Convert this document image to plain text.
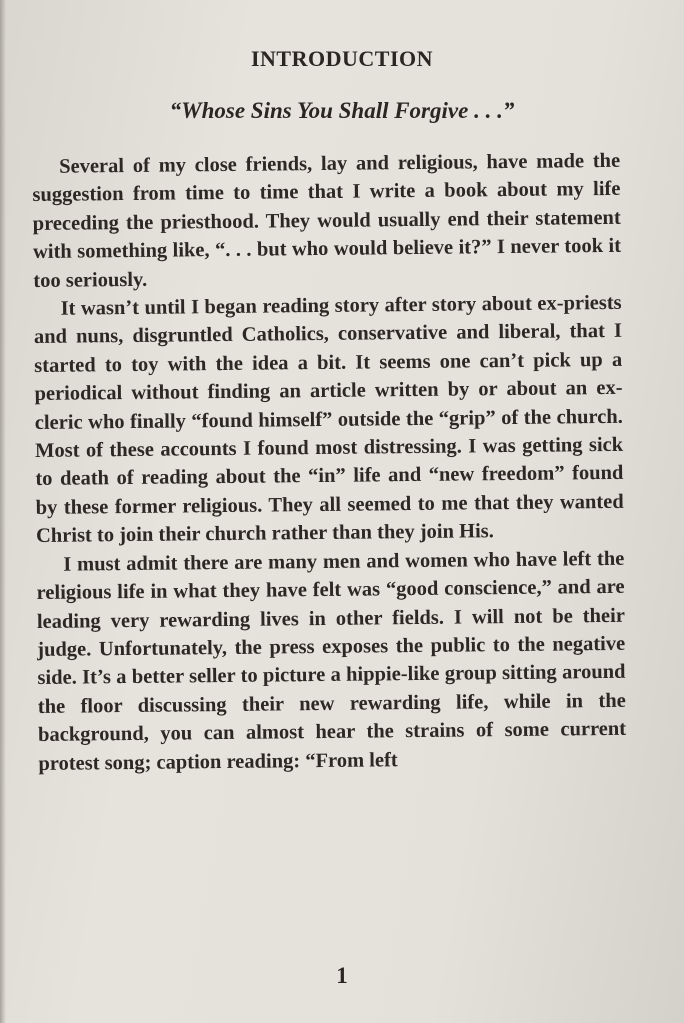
INTRODUCTION
“Whose Sins You Shall Forgive . . .”

Several of my close friends, lay and religious, have made the suggestion from time to time that I write a book about my life preceding the priesthood. They would usually end their statement with something like, “. . . but who would believe it?” I never took it too seriously.

It wasn’t until I began reading story after story about ex-priests and nuns, disgruntled Catholics, conservative and liberal, that I started to toy with the idea a bit. It seems one can’t pick up a periodical without finding an article written by or about an ex-cleric who finally “found himself” outside the “grip” of the church. Most of these accounts I found most distressing. I was getting sick to death of reading about the “in” life and “new freedom” found by these former religious. They all seemed to me that they wanted Christ to join their church rather than they join His.

I must admit there are many men and women who have left the religious life in what they have felt was “good conscience,” and are leading very rewarding lives in other fields. I will not be their judge. Unfortunately, the press exposes the public to the negative side. It’s a better seller to picture a hippie-like group sitting around the floor discussing their new rewarding life, while in the background, you can almost hear the strains of some current protest song; caption reading: “From left

1
